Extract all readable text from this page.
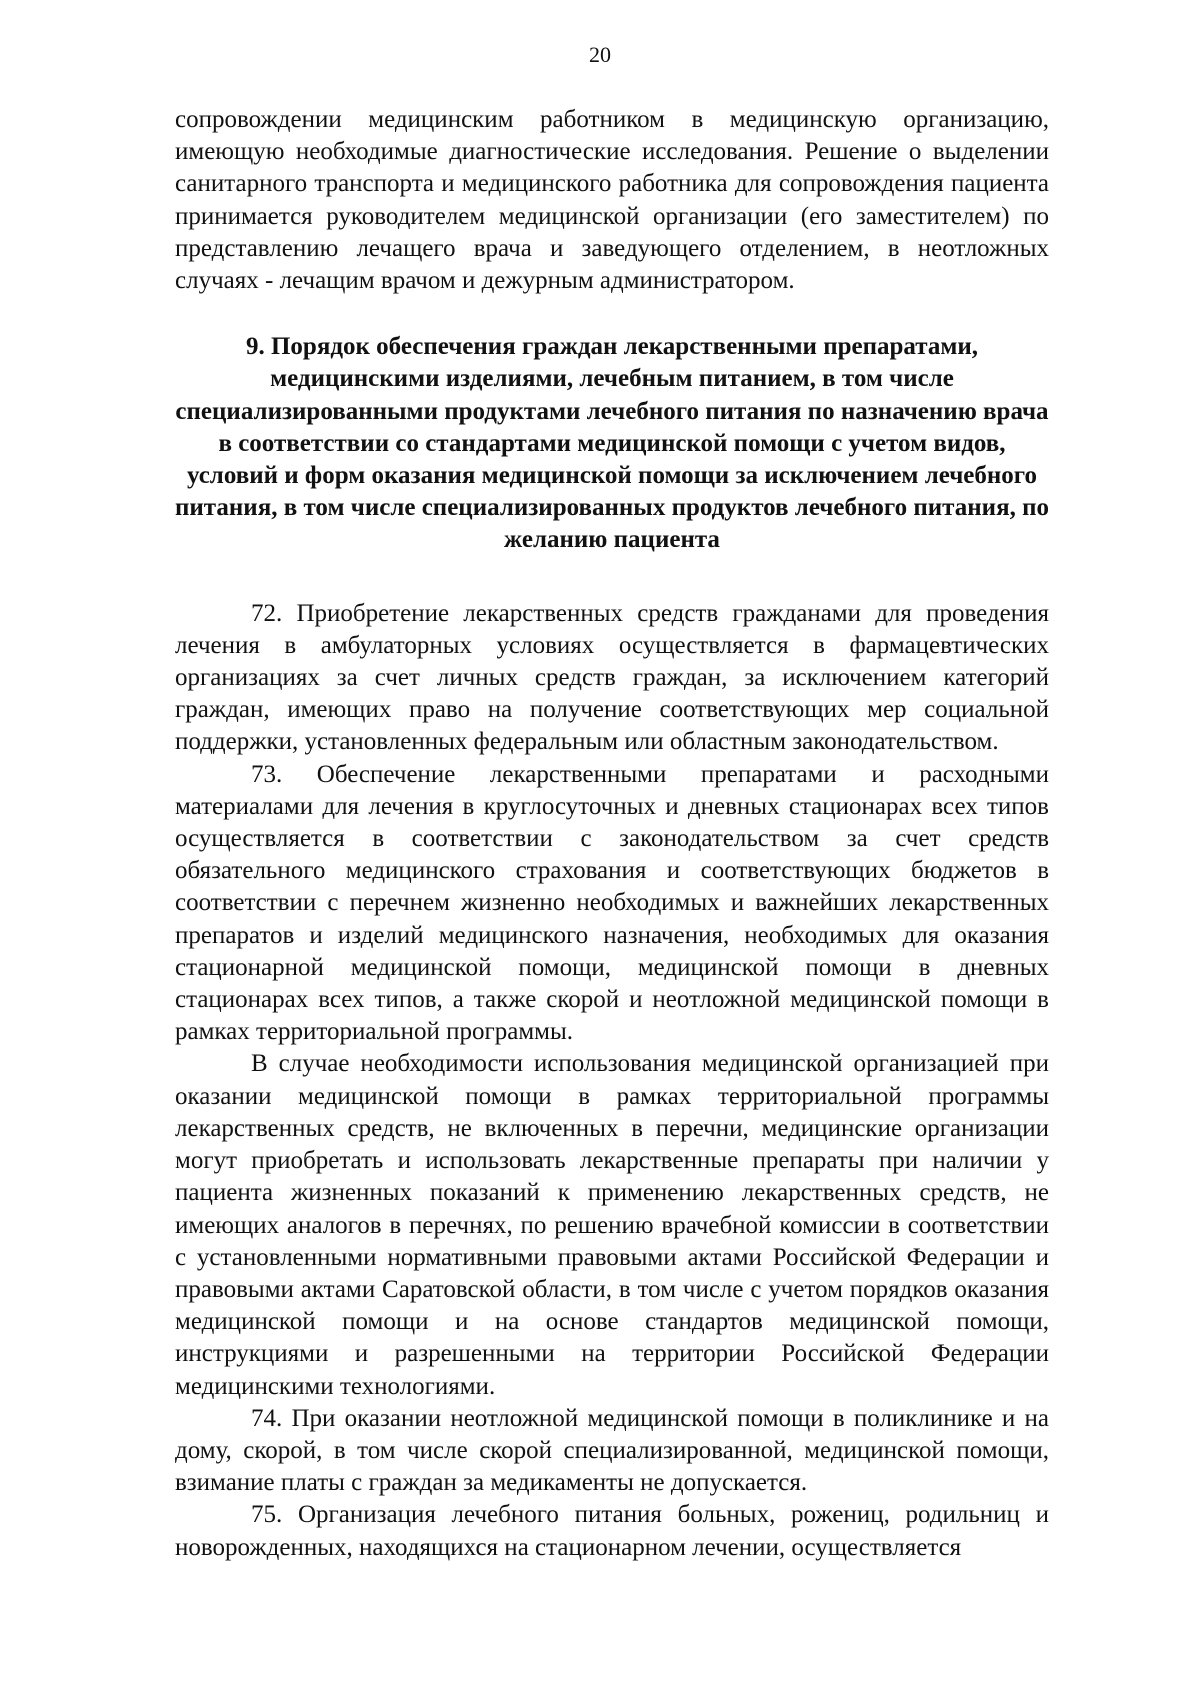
20

сопровождении медицинским работником в медицинскую организацию, имеющую необходимые диагностические исследования. Решение о выделении санитарного транспорта и медицинского работника для сопровождения пациента принимается руководителем медицинской организации (его заместителем) по представлению лечащего врача и заведующего отделением, в неотложных случаях - лечащим врачом и дежурным администратором.

9. Порядок обеспечения граждан лекарственными препаратами, медицинскими изделиями, лечебным питанием, в том числе специализированными продуктами лечебного питания по назначению врача в соответствии со стандартами медицинской помощи с учетом видов, условий и форм оказания медицинской помощи за исключением лечебного питания, в том числе специализированных продуктов лечебного питания, по желанию пациента

72. Приобретение лекарственных средств гражданами для проведения лечения в амбулаторных условиях осуществляется в фармацевтических организациях за счет личных средств граждан, за исключением категорий граждан, имеющих право на получение соответствующих мер социальной поддержки, установленных федеральным или областным законодательством.

73. Обеспечение лекарственными препаратами и расходными материалами для лечения в круглосуточных и дневных стационарах всех типов осуществляется в соответствии с законодательством за счет средств обязательного медицинского страхования и соответствующих бюджетов в соответствии с перечнем жизненно необходимых и важнейших лекарственных препаратов и изделий медицинского назначения, необходимых для оказания стационарной медицинской помощи, медицинской помощи в дневных стационарах всех типов, а также скорой и неотложной медицинской помощи в рамках территориальной программы.

В случае необходимости использования медицинской организацией при оказании медицинской помощи в рамках территориальной программы лекарственных средств, не включенных в перечни, медицинские организации могут приобретать и использовать лекарственные препараты при наличии у пациента жизненных показаний к применению лекарственных средств, не имеющих аналогов в перечнях, по решению врачебной комиссии в соответствии с установленными нормативными правовыми актами Российской Федерации и правовыми актами Саратовской области, в том числе с учетом порядков оказания медицинской помощи и на основе стандартов медицинской помощи, инструкциями и разрешенными на территории Российской Федерации медицинскими технологиями.

74. При оказании неотложной медицинской помощи в поликлинике и на дому, скорой, в том числе скорой специализированной, медицинской помощи, взимание платы с граждан за медикаменты не допускается.

75. Организация лечебного питания больных, рожениц, родильниц и новорожденных, находящихся на стационарном лечении, осуществляется
